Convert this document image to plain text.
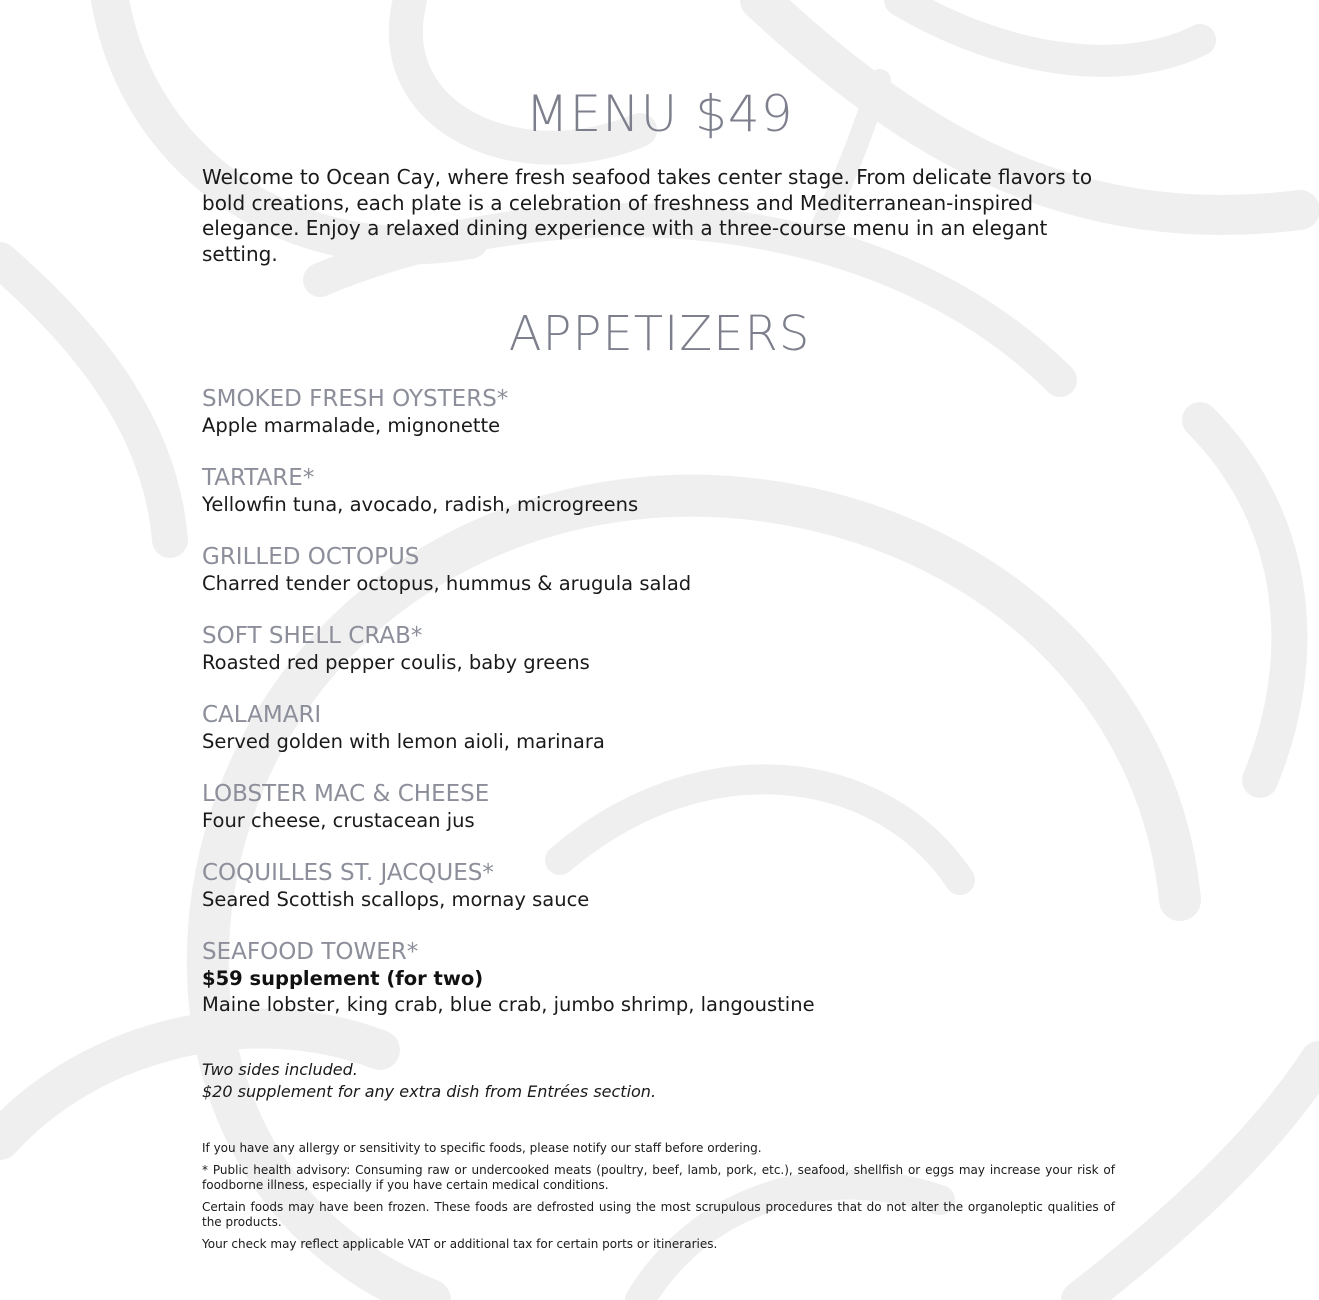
MENU $49

Welcome to Ocean Cay, where fresh seafood takes center stage. From delicate flavors to bold creations, each plate is a celebration of freshness and Mediterranean-inspired elegance. Enjoy a relaxed dining experience with a three-course menu in an elegant setting.

APPETIZERS
SMOKED FRESH OYSTERS*
Apple marmalade, mignonette
TARTARE*
Yellowfin tuna, avocado, radish, microgreens
GRILLED OCTOPUS
Charred tender octopus, hummus & arugula salad
SOFT SHELL CRAB*
Roasted red pepper coulis, baby greens
CALAMARI
Served golden with lemon aioli, marinara
LOBSTER MAC & CHEESE
Four cheese, crustacean jus
COQUILLES ST. JACQUES*
Seared Scottish scallops, mornay sauce
SEAFOOD TOWER*
$59 supplement (for two)
Maine lobster, king crab, blue crab, jumbo shrimp, langoustine
Two sides included.
$20 supplement for any extra dish from Entrées section.

If you have any allergy or sensitivity to specific foods, please notify our staff before ordering.

* Public health advisory: Consuming raw or undercooked meats (poultry, beef, lamb, pork, etc.), seafood, shellfish or eggs may increase your risk of foodborne illness, especially if you have certain medical conditions.

Certain foods may have been frozen. These foods are defrosted using the most scrupulous procedures that do not alter the organoleptic qualities of the products.

Your check may reflect applicable VAT or additional tax for certain ports or itineraries.
